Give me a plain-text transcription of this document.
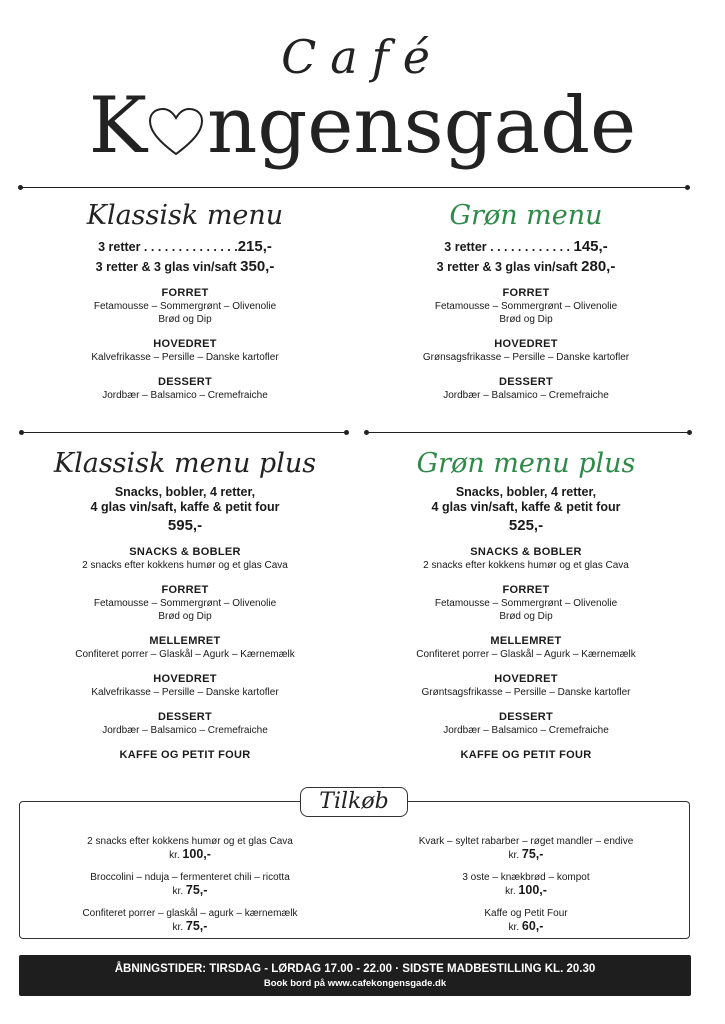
Café
K ngensgade

Klassisk menu

3 retter . . . . . . . . . . . . . .215,-

3 retter & 3 glas vin/saft 350,-

FORRET

Fetamousse – Sommergrønt – Olivenolie

Brød og Dip

HOVEDRET

Kalvefrikasse – Persille – Danske kartofler

DESSERT

Jordbær – Balsamico – Cremefraiche

Grøn menu

3 retter . . . . . . . . . . . . 145,-

3 retter & 3 glas vin/saft 280,-

FORRET

Fetamousse – Sommergrønt – Olivenolie

Brød og Dip

HOVEDRET

Grønsagsfrikasse – Persille – Danske kartofler

DESSERT

Jordbær – Balsamico – Cremefraiche

Klassisk menu plus

Snacks, bobler, 4 retter,

4 glas vin/saft, kaffe & petit four

595,-

SNACKS & BOBLER

2 snacks efter kokkens humør og et glas Cava

FORRET

Fetamousse – Sommergrønt – Olivenolie

Brød og Dip

MELLEMRET

Confiteret porrer – Glaskål – Agurk – Kærnemælk

HOVEDRET

Kalvefrikasse – Persille – Danske kartofler

DESSERT

Jordbær – Balsamico – Cremefraiche

KAFFE OG PETIT FOUR

Grøn menu plus

Snacks, bobler, 4 retter,

4 glas vin/saft, kaffe & petit four

525,-

SNACKS & BOBLER

2 snacks efter kokkens humør og et glas Cava

FORRET

Fetamousse – Sommergrønt – Olivenolie

Brød og Dip

MELLEMRET

Confiteret porrer – Glaskål – Agurk – Kærnemælk

HOVEDRET

Grøntsagsfrikasse – Persille – Danske kartofler

DESSERT

Jordbær – Balsamico – Cremefraiche

KAFFE OG PETIT FOUR

Tilkøb
2 snacks efter kokkens humør og et glas Cava
kr. 100,-
Broccolini – nduja – fermenteret chili – ricotta
kr. 75,-
Confiteret porrer – glaskål – agurk – kærnemælk
kr. 75,-
Kvark – syltet rabarber – røget mandler – endive
kr. 75,-
3 oste – knækbrød – kompot
kr. 100,-
Kaffe og Petit Four
kr. 60,-
ÅBNINGSTIDER: TIRSDAG - LØRDAG 17.00 - 22.00 · SIDSTE MADBESTILLING KL. 20.30
Book bord på www.cafekongensgade.dk
